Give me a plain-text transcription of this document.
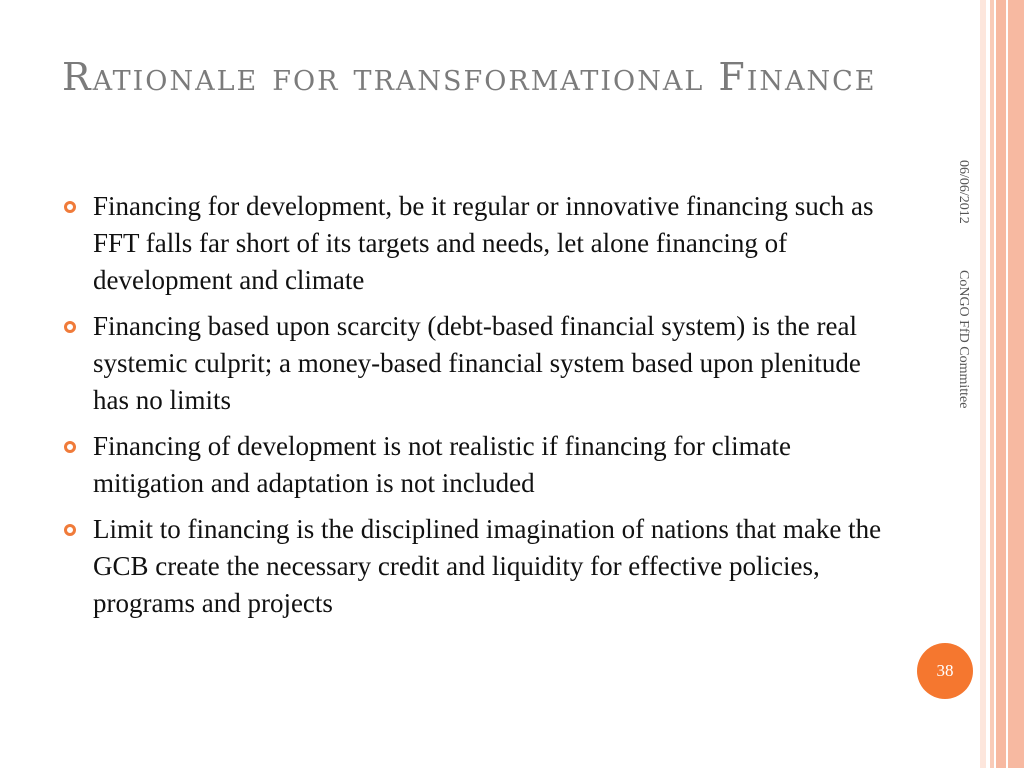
Rationale for transformational Finance
Financing for development, be it regular or innovative financing such as FFT falls far short of its targets and needs, let alone financing of development and climate
Financing based upon scarcity (debt-based financial system) is the real systemic culprit; a money-based financial system based upon plenitude has no limits
Financing of development is not realistic if financing for climate mitigation and adaptation is not included
Limit to financing is the disciplined imagination of nations that make the GCB create the necessary credit and liquidity for effective policies, programs and projects
06/06/2012
CoNGO FfD Committee
38
